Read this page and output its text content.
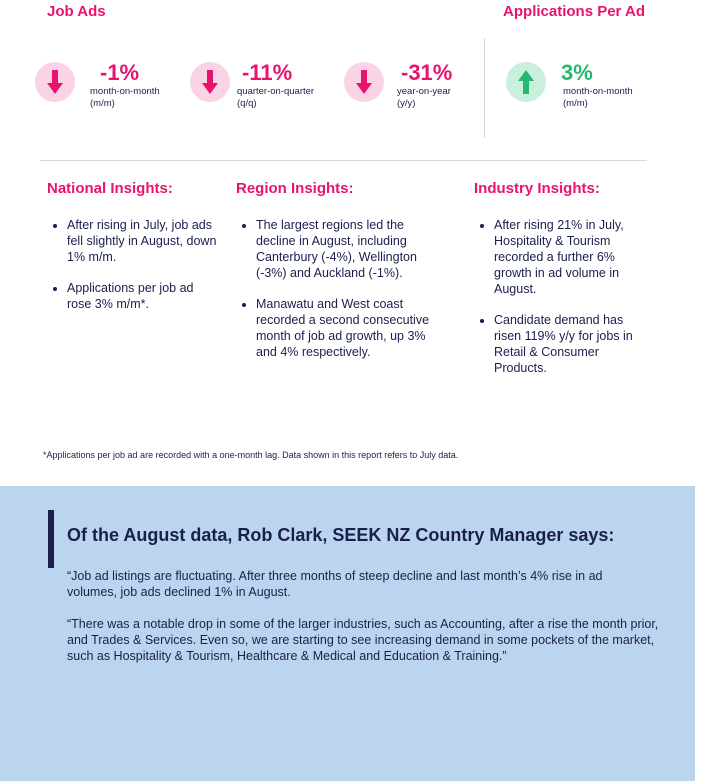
Job Ads	Applications Per Ad
-1%
month-on-month
(m/m)
-11%
quarter-on-quarter
(q/q)
-31%
year-on-year
(y/y)
3%
month-on-month
(m/m)
National Insights:
• After rising in July, job ads fell slightly in August, down 1% m/m.
• Applications per job ad rose 3% m/m*.
Region Insights:
• The largest regions led the decline in August, including Canterbury (-4%), Wellington (-3%) and Auckland (-1%).
• Manawatu and West coast recorded a second consecutive month of job ad growth, up 3% and 4% respectively.
Industry Insights:
• After rising 21% in July, Hospitality & Tourism recorded a further 6% growth in ad volume in August.
• Candidate demand has risen 119% y/y for jobs in Retail & Consumer Products.

*Applications per job ad are recorded with a one-month lag. Data shown in this report refers to July data.

Of the August data, Rob Clark, SEEK NZ Country Manager says:

“Job ad listings are fluctuating. After three months of steep decline and last month’s 4% rise in ad volumes, job ads declined 1% in August.

“There was a notable drop in some of the larger industries, such as Accounting, after a rise the month prior, and Trades & Services. Even so, we are starting to see increasing demand in some pockets of the market, such as Hospitality & Tourism, Healthcare & Medical and Education & Training.”
